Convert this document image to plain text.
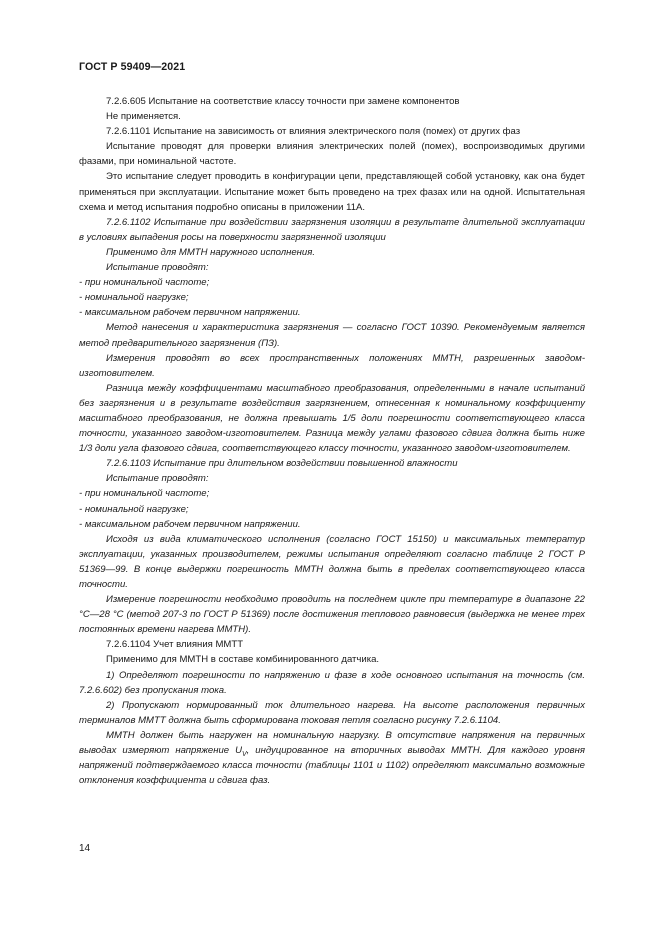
ГОСТ Р 59409—2021

7.2.6.605 Испытание на соответствие классу точности при замене компонентов

Не применяется.

7.2.6.1101 Испытание на зависимость от влияния электрического поля (помех) от других фаз

Испытание проводят для проверки влияния электрических полей (помех), воспроизводимых другими фазами, при номинальной частоте.

Это испытание следует проводить в конфигурации цепи, представляющей собой установку, как она будет применяться при эксплуатации. Испытание может быть проведено на трех фазах или на одной. Испытательная схема и метод испытания подробно описаны в приложении 11А.

7.2.6.1102 Испытание при воздействии загрязнения изоляции в результате длительной эксплуатации в условиях выпадения росы на поверхности загрязненной изоляции

Применимо для ММТН наружного исполнения.

Испытание проводят:

- при номинальной частоте;

- номинальной нагрузке;

- максимальном рабочем первичном напряжении.

Метод нанесения и характеристика загрязнения — согласно ГОСТ 10390. Рекомендуемым является метод предварительного загрязнения (ПЗ).

Измерения проводят во всех пространственных положениях ММТН, разрешенных заводом-изготовителем.

Разница между коэффициентами масштабного преобразования, определенными в начале испытаний без загрязнения и в результате воздействия загрязнением, отнесенная к номинальному коэффициенту масштабного преобразования, не должна превышать 1/5 доли погрешности соответствующего класса точности, указанного заводом-изготовителем. Разница между углами фазового сдвига должна быть ниже 1/3 доли угла фазового сдвига, соответствующего классу точности, указанного заводом-изготовителем.

7.2.6.1103 Испытание при длительном воздействии повышенной влажности

Испытание проводят:

- при номинальной частоте;

- номинальной нагрузке;

- максимальном рабочем первичном напряжении.

Исходя из вида климатического исполнения (согласно ГОСТ 15150) и максимальных температур эксплуатации, указанных производителем, режимы испытания определяют согласно таблице 2 ГОСТ Р 51369—99. В конце выдержки погрешность ММТН должна быть в пределах соответствующего класса точности.

Измерение погрешности необходимо проводить на последнем цикле при температуре в диапазоне 22 °С—28 °С (метод 207-3 по ГОСТ Р 51369) после достижения теплового равновесия (выдержка не менее трех постоянных времени нагрева ММТН).

7.2.6.1104 Учет влияния ММТТ

Применимо для ММТН в составе комбинированного датчика.

1) Определяют погрешности по напряжению и фазе в ходе основного испытания на точность (см. 7.2.6.602) без пропускания тока.

2) Пропускают нормированный ток длительного нагрева. На высоте расположения первичных терминалов ММТТ должна быть сформирована токовая петля согласно рисунку 7.2.6.1104.

ММТН должен быть нагружен на номинальную нагрузку. В отсутствие напряжения на первичных выводах измеряют напряжение $U_V$, индуцированное на вторичных выводах ММТН. Для каждого уровня напряжений подтверждаемого класса точности (таблицы 1101 и 1102) определяют максимально возможные отклонения коэффициента и сдвига фаз.

14
